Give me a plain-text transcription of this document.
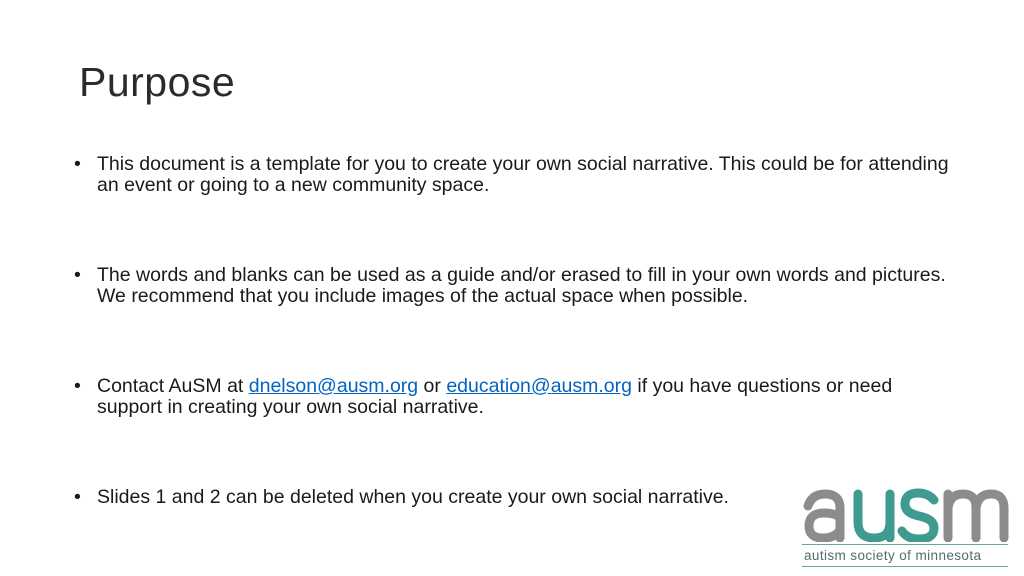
Purpose
• This document is a template for you to create your own social narrative. This could be for attending an event or going to a new community space.
• The words and blanks can be used as a guide and/or erased to fill in your own words and pictures. We recommend that you include images of the actual space when possible.
• Contact AuSM at dnelson@ausm.org or education@ausm.org if you have questions or need support in creating your own social narrative.
• Slides 1 and 2 can be deleted when you create your own social narrative.
autism society of minnesota
